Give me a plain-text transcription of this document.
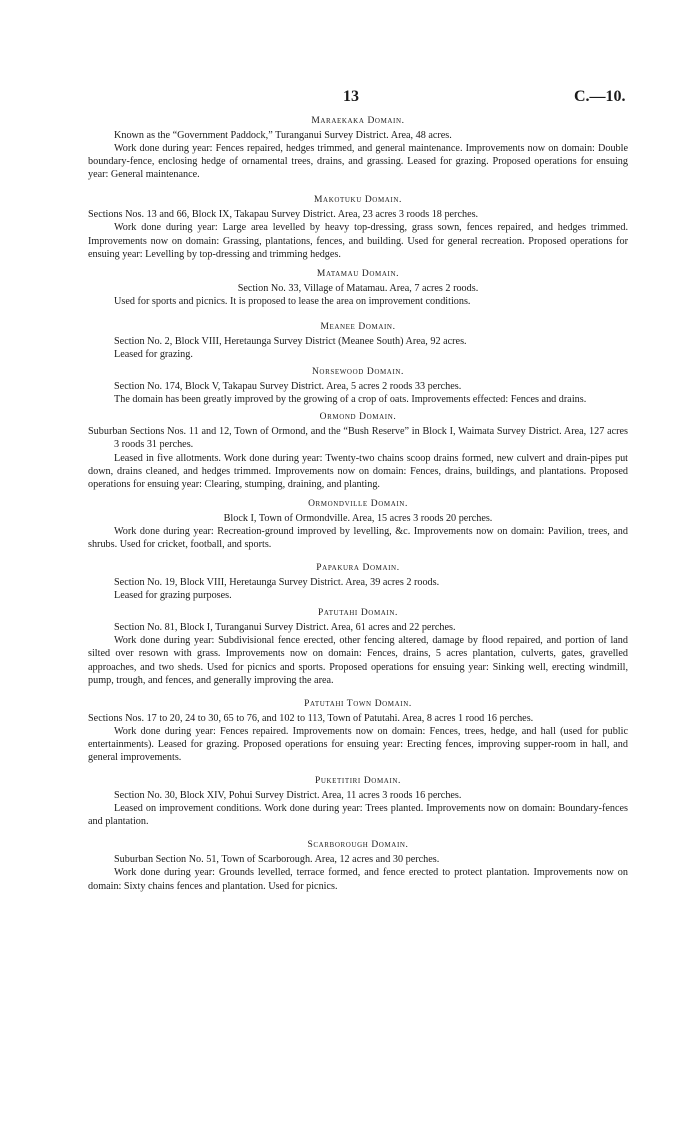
13	C.—10.
Maraekaka Domain.

Known as the “Government Paddock,” Turanganui Survey District. Area, 48 acres.

Work done during year: Fences repaired, hedges trimmed, and general maintenance. Improvements now on domain: Double boundary-fence, enclosing hedge of ornamental trees, drains, and grassing. Leased for grazing. Proposed operations for ensuing year: General maintenance.

Makotuku Domain.

Sections Nos. 13 and 66, Block IX, Takapau Survey District. Area, 23 acres 3 roods 18 perches.

Work done during year: Large area levelled by heavy top-dressing, grass sown, fences repaired, and hedges trimmed. Improvements now on domain: Grassing, plantations, fences, and building. Used for general recreation. Proposed operations for ensuing year: Levelling by top-dressing and trimming hedges.

Matamau Domain.

Section No. 33, Village of Matamau. Area, 7 acres 2 roods.

Used for sports and picnics. It is proposed to lease the area on improvement conditions.

Meanee Domain.

Section No. 2, Block VIII, Heretaunga Survey District (Meanee South) Area, 92 acres.

Leased for grazing.

Norsewood Domain.

Section No. 174, Block V, Takapau Survey District. Area, 5 acres 2 roods 33 perches.

The domain has been greatly improved by the growing of a crop of oats. Improvements effected: Fences and drains.

Ormond Domain.

Suburban Sections Nos. 11 and 12, Town of Ormond, and the “Bush Reserve” in Block I, Waimata Survey District. Area, 127 acres 3 roods 31 perches.

Leased in five allotments. Work done during year: Twenty-two chains scoop drains formed, new culvert and drain-pipes put down, drains cleaned, and hedges trimmed. Improvements now on domain: Fences, drains, buildings, and plantations. Proposed operations for ensuing year: Clearing, stumping, draining, and planting.

Ormondville Domain.

Block I, Town of Ormondville. Area, 15 acres 3 roods 20 perches.

Work done during year: Recreation-ground improved by levelling, &c. Improvements now on domain: Pavilion, trees, and shrubs. Used for cricket, football, and sports.

Papakura Domain.

Section No. 19, Block VIII, Heretaunga Survey District. Area, 39 acres 2 roods.

Leased for grazing purposes.

Patutahi Domain.

Section No. 81, Block I, Turanganui Survey District. Area, 61 acres and 22 perches.

Work done during year: Subdivisional fence erected, other fencing altered, damage by flood repaired, and portion of land silted over resown with grass. Improvements now on domain: Fences, drains, 5 acres plantation, culverts, gates, gravelled approaches, and two sheds. Used for picnics and sports. Proposed operations for ensuing year: Sinking well, erecting windmill, pump, trough, and fences, and generally improving the area.

Patutahi Town Domain.

Sections Nos. 17 to 20, 24 to 30, 65 to 76, and 102 to 113, Town of Patutahi. Area, 8 acres 1 rood 16 perches.

Work done during year: Fences repaired. Improvements now on domain: Fences, trees, hedge, and hall (used for public entertainments). Leased for grazing. Proposed operations for ensuing year: Erecting fences, improving supper-room in hall, and general improvements.

Puketitiri Domain.

Section No. 30, Block XIV, Pohui Survey District. Area, 11 acres 3 roods 16 perches.

Leased on improvement conditions. Work done during year: Trees planted. Improvements now on domain: Boundary-fences and plantation.

Scarborough Domain.

Suburban Section No. 51, Town of Scarborough. Area, 12 acres and 30 perches.

Work done during year: Grounds levelled, terrace formed, and fence erected to protect plantation. Improvements now on domain: Sixty chains fences and plantation. Used for picnics.
